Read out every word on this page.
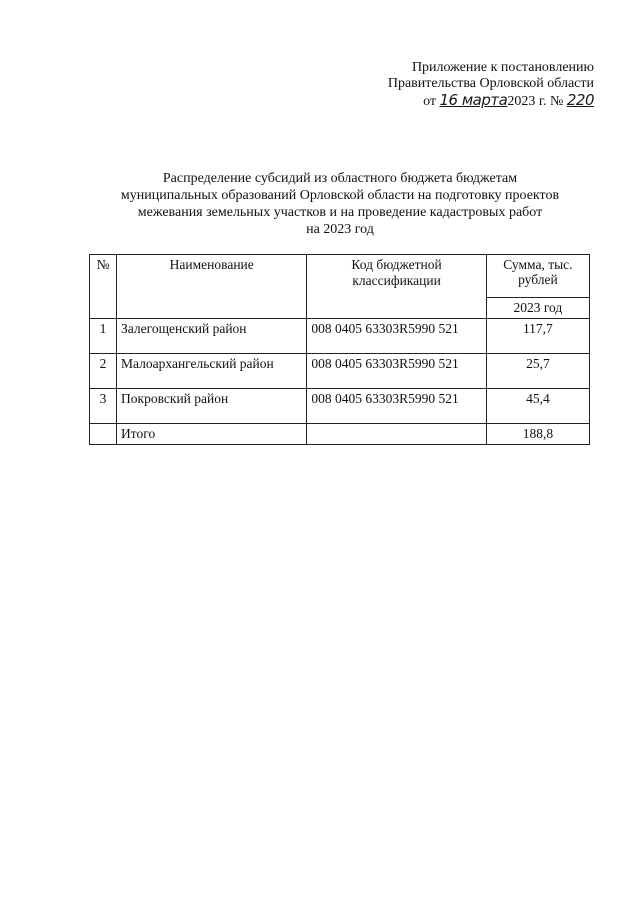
Приложение к постановлению
Правительства Орловской области
от 16 марта2023 г. № 220
Распределение субсидий из областного бюджета бюджетам
муниципальных образований Орловской области на подготовку проектов
межевания земельных участков и на проведение кадастровых работ
на 2023 год
№	Наименование	Код бюджетной классификации	Сумма, тыс. рублей
			2023 год
1	Залегощенский район	008 0405 63303R5990 521	117,7
2	Малоархангельский район	008 0405 63303R5990 521	25,7
3	Покровский район	008 0405 63303R5990 521	45,4
	Итого		188,8
